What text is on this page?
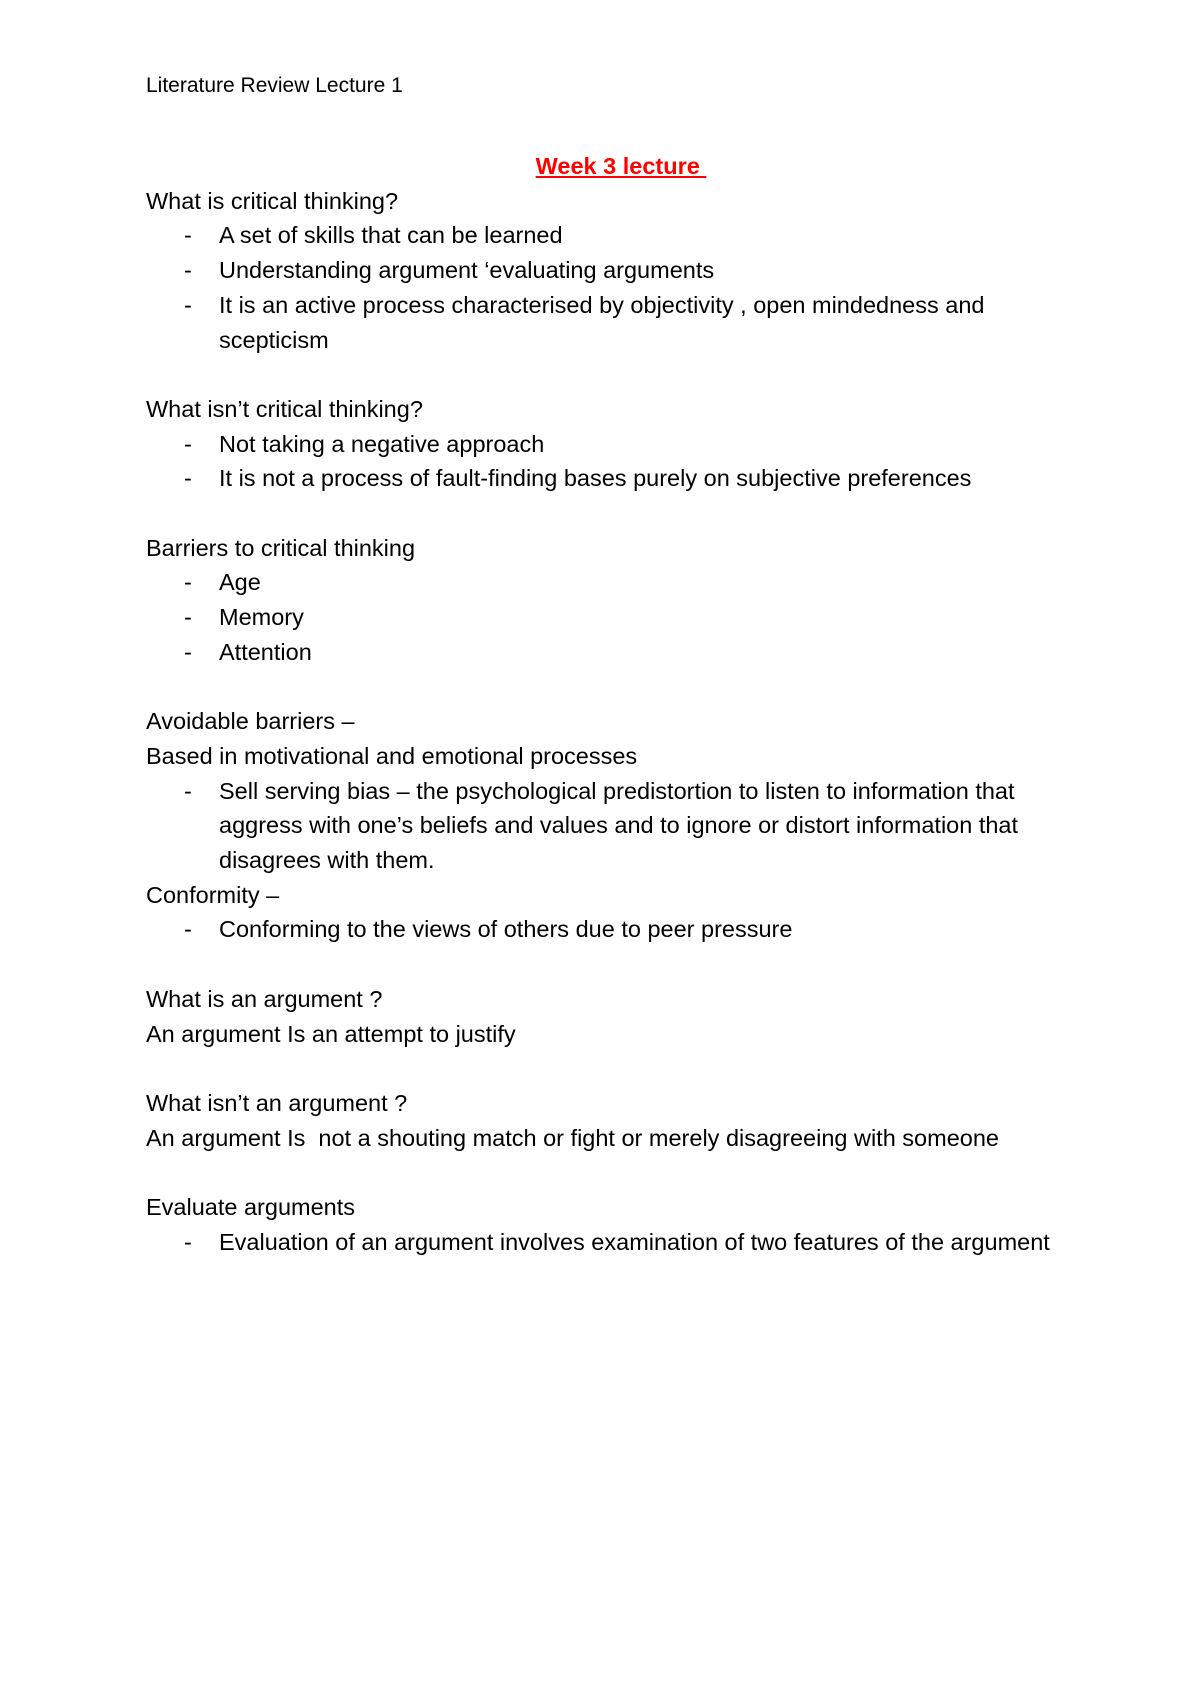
Literature Review Lecture 1
Week 3 lecture
What is critical thinking?
- A set of skills that can be learned
- Understanding argument ‘evaluating arguments
- It is an active process characterised by objectivity , open mindedness and scepticism
What isn’t critical thinking?
- Not taking a negative approach
- It is not a process of fault-finding bases purely on subjective preferences
Barriers to critical thinking
- Age
- Memory
- Attention
Avoidable barriers –
Based in motivational and emotional processes
- Sell serving bias – the psychological predistortion to listen to information that aggress with one’s beliefs and values and to ignore or distort information that disagrees with them.
Conformity –
- Conforming to the views of others due to peer pressure
What is an argument ?
An argument Is an attempt to justify
What isn’t an argument ?
An argument Is  not a shouting match or fight or merely disagreeing with someone
Evaluate arguments
- Evaluation of an argument involves examination of two features of the argument
